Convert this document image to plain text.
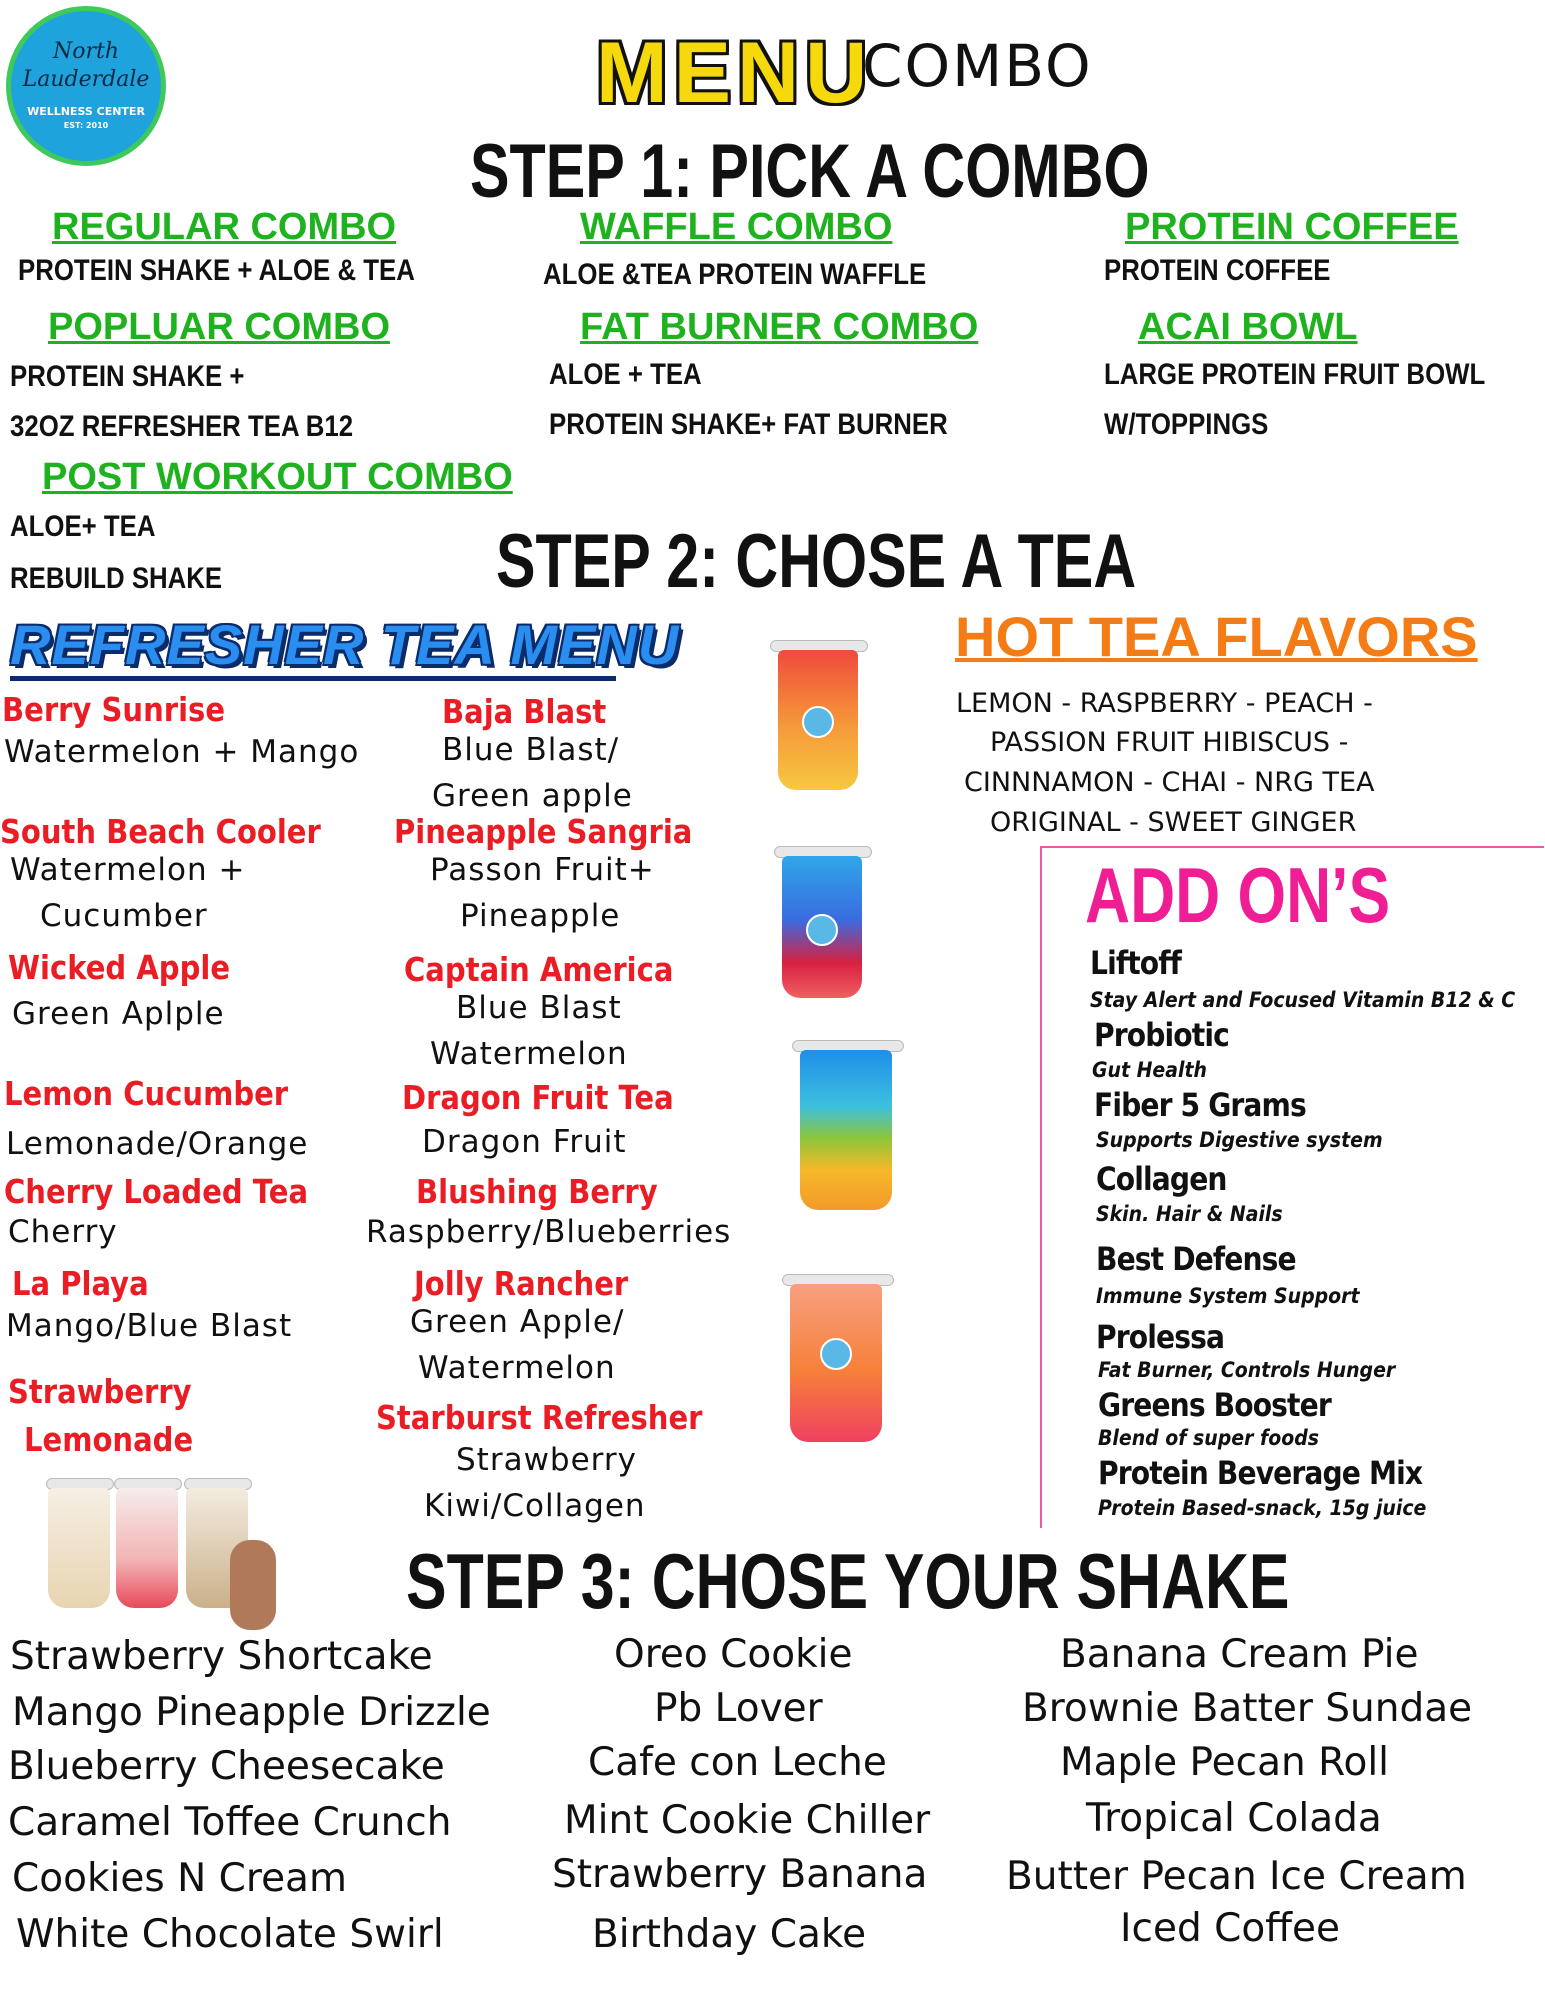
North
Lauderdale
WELLNESS CENTER
EST: 2010
MENU
COMBO
STEP 1: PICK A COMBO
REGULAR COMBO
PROTEIN SHAKE + ALOE & TEA
WAFFLE COMBO
ALOE &TEA PROTEIN WAFFLE
PROTEIN COFFEE
PROTEIN COFFEE
POPLUAR COMBO
PROTEIN SHAKE +
32OZ REFRESHER TEA B12
FAT BURNER COMBO
ALOE + TEA
PROTEIN SHAKE+ FAT BURNER
ACAI BOWL
LARGE PROTEIN FRUIT BOWL
W/TOPPINGS
POST WORKOUT COMBO
ALOE+ TEA
REBUILD SHAKE	STEP 2: CHOSE A TEA
REFRESHER TEA MENU
Berry Sunrise
Watermelon + Mango
South Beach Cooler
Watermelon +
Cucumber
Wicked Apple
Green Aplple
Lemon Cucumber
Lemonade/Orange
Cherry Loaded Tea
Cherry
La Playa
Mango/Blue Blast
Strawberry
Lemonade
Baja Blast
Blue Blast/
Green apple
Pineapple Sangria
Passon Fruit+
Pineapple
Captain America
Blue Blast
Watermelon
Dragon Fruit Tea
Dragon Fruit
Blushing Berry
Raspberry/Blueberries
Jolly Rancher
Green Apple/
Watermelon
Starburst Refresher
Strawberry
Kiwi/Collagen
HOT TEA FLAVORS
LEMON - RASPBERRY - PEACH -
PASSION FRUIT HIBISCUS -
CINNNAMON - CHAI - NRG TEA
ORIGINAL - SWEET GINGER
ADD ON’S
Liftoff
Stay Alert and Focused Vitamin B12 & C
Probiotic
Gut Health
Fiber 5 Grams
Supports Digestive system
Collagen
Skin. Hair & Nails
Best Defense
Immune System Support
Prolessa
Fat Burner, Controls Hunger
Greens Booster
Blend of super foods
Protein Beverage Mix
Protein Based-snack, 15g juice
STEP 3: CHOSE YOUR SHAKE
Strawberry Shortcake
Mango Pineapple Drizzle
Blueberry Cheesecake
Caramel Toffee Crunch
Cookies N Cream
White Chocolate Swirl
Oreo Cookie
Pb Lover
Cafe con Leche
Mint Cookie Chiller
Strawberry Banana
Birthday Cake
Banana Cream Pie
Brownie Batter Sundae
Maple Pecan Roll
Tropical Colada
Butter Pecan Ice Cream
Iced Coffee
